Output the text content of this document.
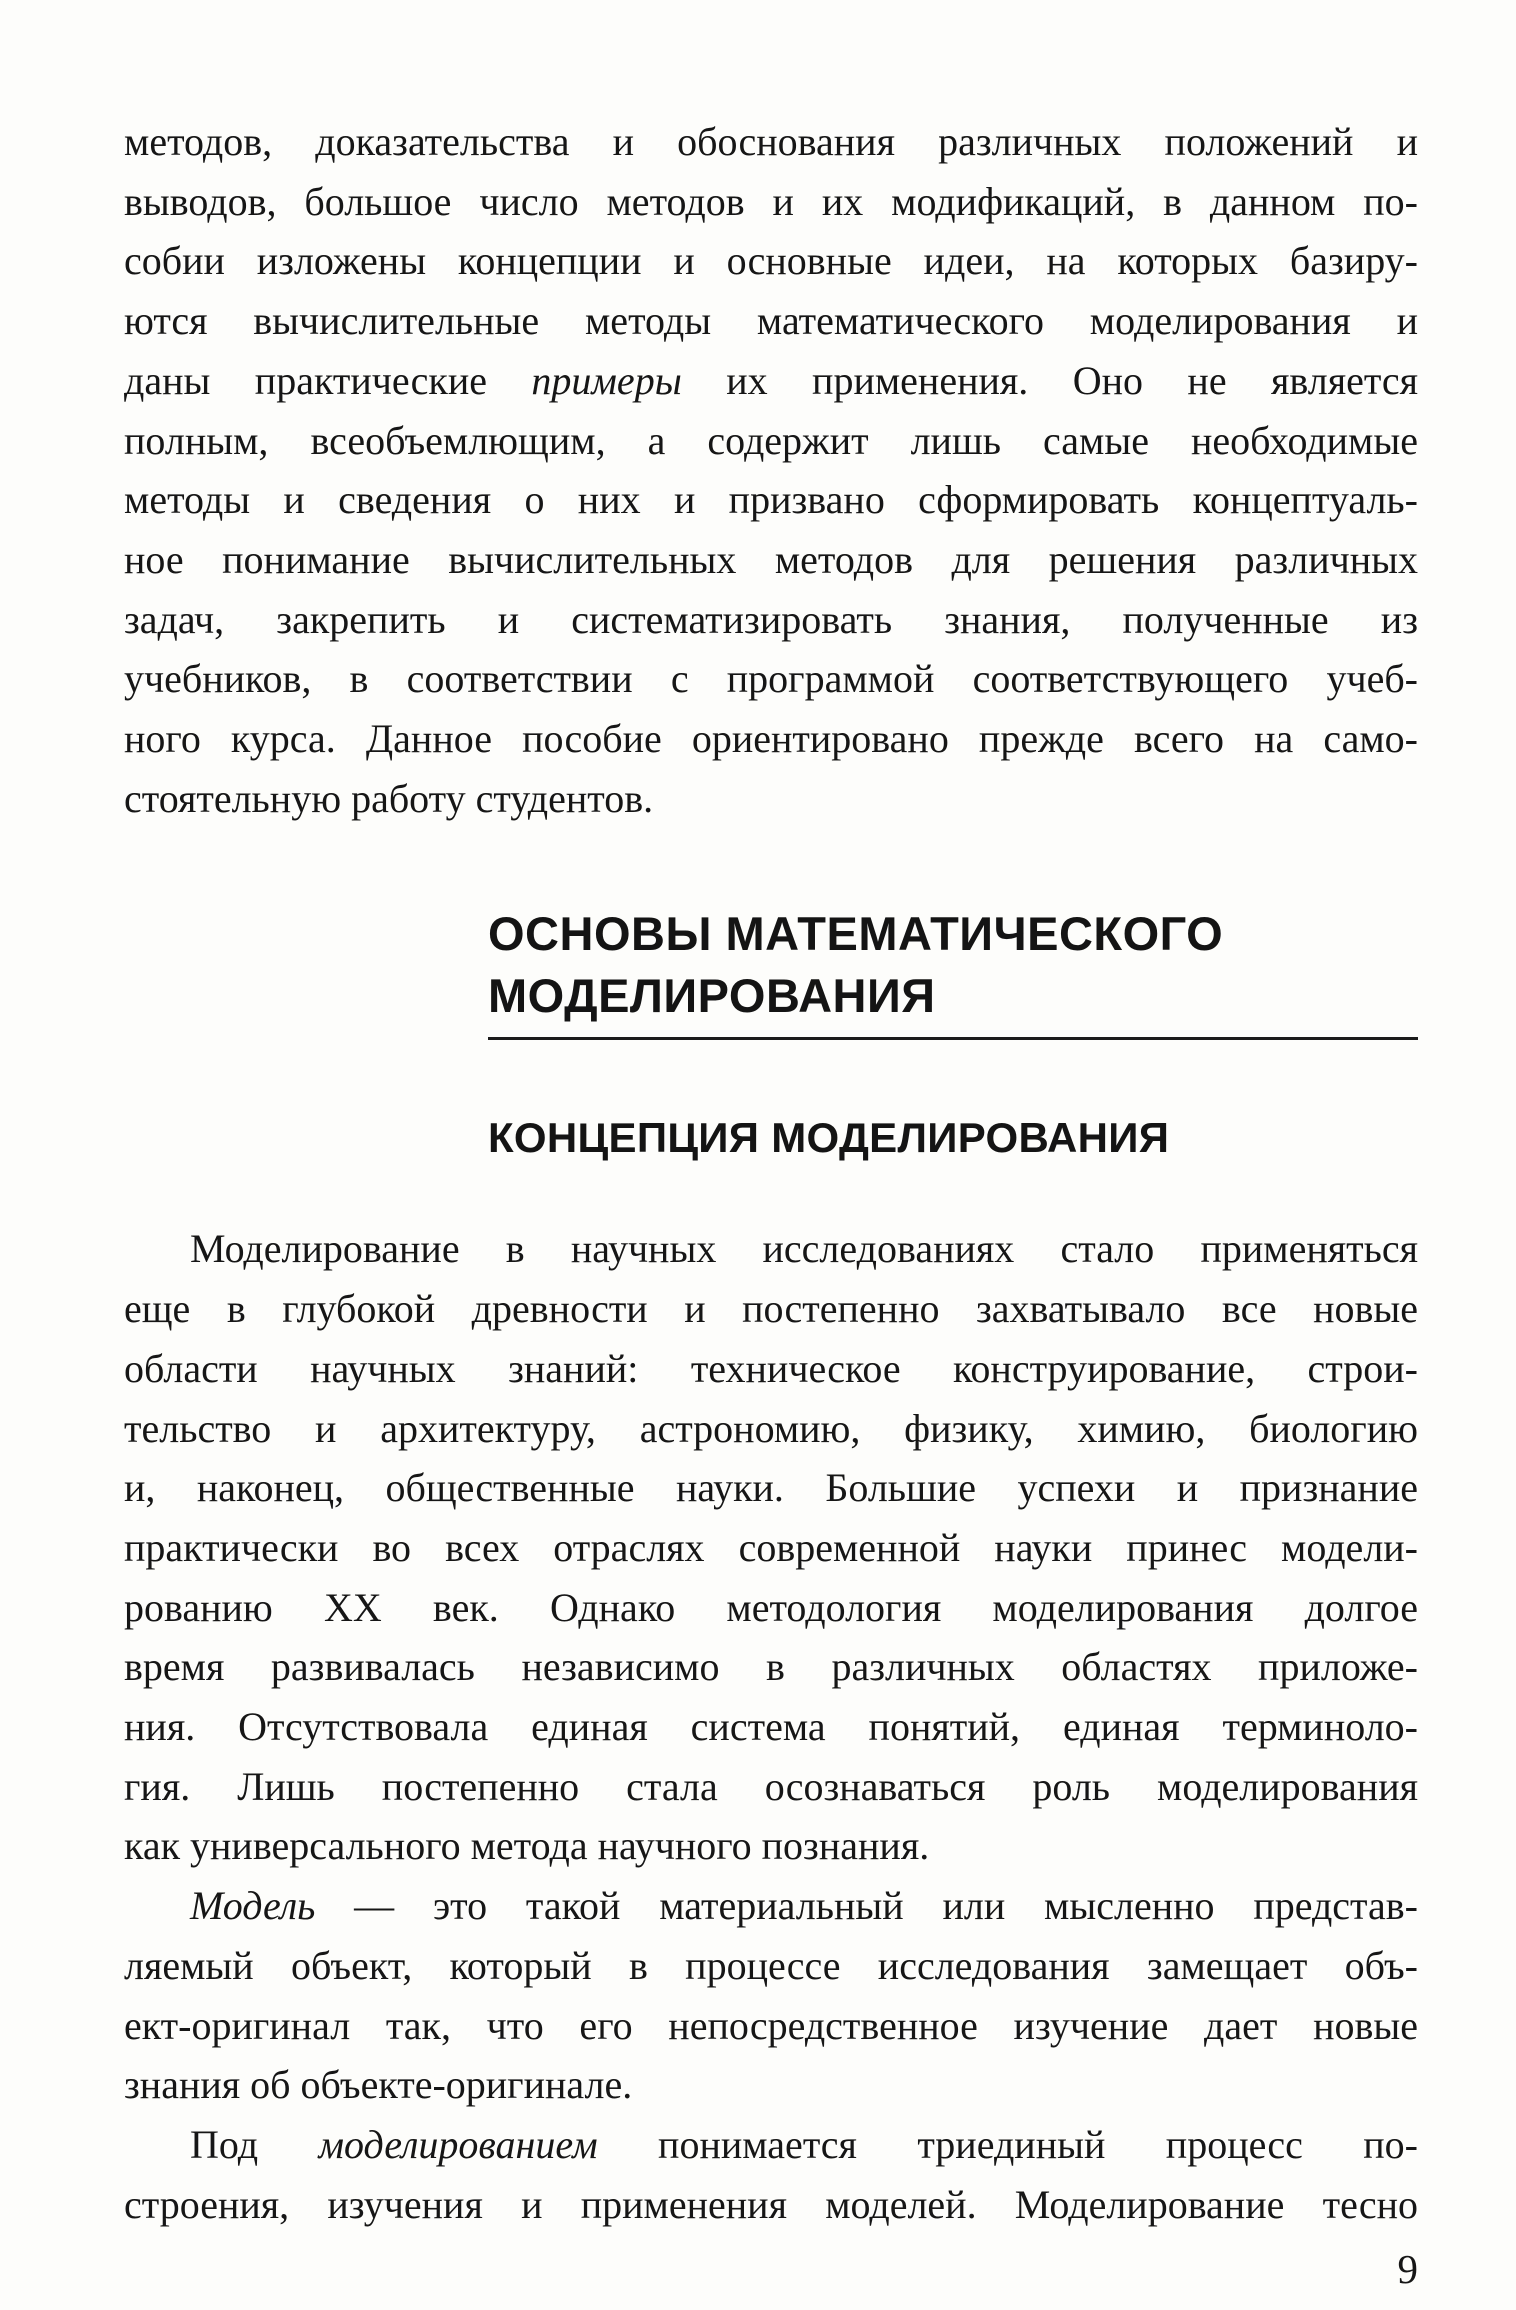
методов, доказательства и обоснования различных положений и
выводов, большое число методов и их модификаций, в данном по-
собии изложены концепции и основные идеи, на которых базиру-
ются вычислительные методы математического моделирования и
даны практические примеры их применения. Оно не является
полным, всеобъемлющим, а содержит лишь самые необходимые
методы и сведения о них и призвано сформировать концептуаль-
ное понимание вычислительных методов для решения различных
задач, закрепить и систематизировать знания, полученные из
учебников, в соответствии с программой соответствующего учеб-
ного курса. Данное пособие ориентировано прежде всего на само-
стоятельную работу студентов.
ОСНОВЫ МАТЕМАТИЧЕСКОГО
МОДЕЛИРОВАНИЯ
КОНЦЕПЦИЯ МОДЕЛИРОВАНИЯ
Моделирование в научных исследованиях стало применяться
еще в глубокой древности и постепенно захватывало все новые
области научных знаний: техническое конструирование, строи-
тельство и архитектуру, астрономию, физику, химию, биологию
и, наконец, общественные науки. Большие успехи и признание
практически во всех отраслях современной науки принес модели-
рованию XX век. Однако методология моделирования долгое
время развивалась независимо в различных областях приложе-
ния. Отсутствовала единая система понятий, единая терминоло-
гия. Лишь постепенно стала осознаваться роль моделирования
как универсального метода научного познания.
Модель — это такой материальный или мысленно представ-
ляемый объект, который в процессе исследования замещает объ-
ект-оригинал так, что его непосредственное изучение дает новые
знания об объекте-оригинале.
Под моделированием понимается триединый процесс по-
строения, изучения и применения моделей. Моделирование тесно
9
